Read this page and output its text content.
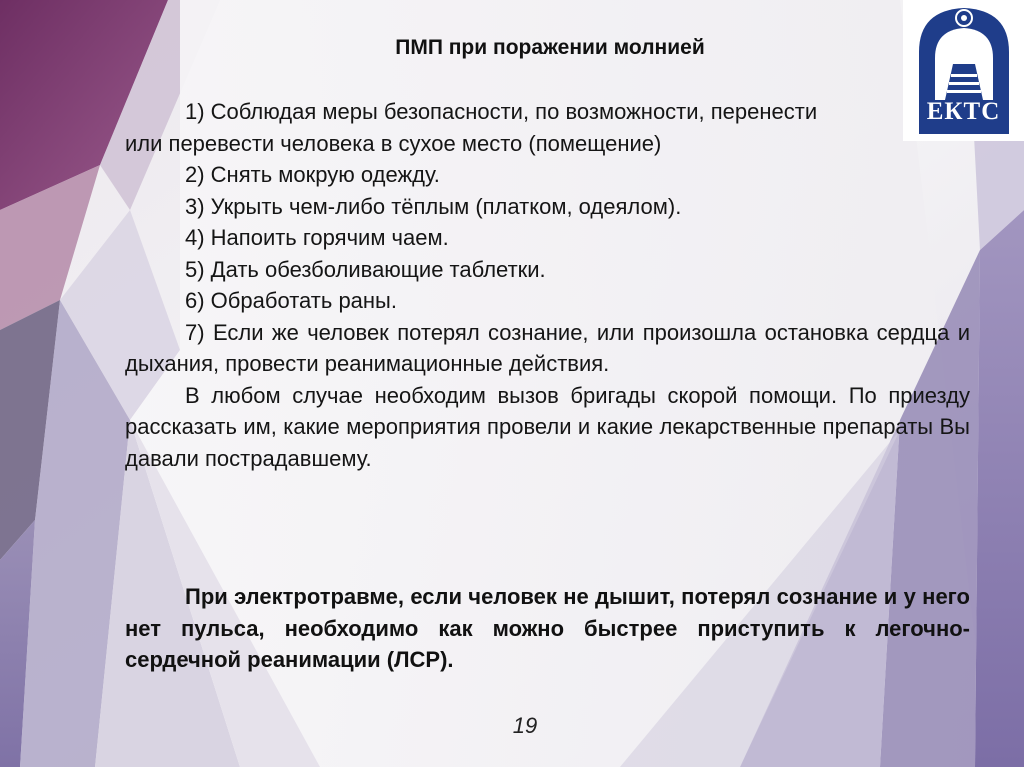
ЕКТС
ПМП при поражении молнией
1) Соблюдая меры безопасности, по возможности, перенести
или перевести человека в сухое место (помещение)

2) Снять мокрую одежду.

3) Укрыть чем-либо тёплым (платком, одеялом).

4) Напоить горячим чаем.

5) Дать обезболивающие таблетки.

6) Обработать раны.

7) Если же человек потерял сознание, или произошла остановка сердца и дыхания, провести реанимационные действия.

В любом случае необходим вызов бригады скорой помощи. По приезду рассказать им, какие мероприятия провели и какие лекарственные препараты Вы давали пострадавшему.

При электротравме, если человек не дышит, потерял сознание и у него нет пульса, необходимо как можно быстрее приступить к легочно-сердечной реанимации (ЛСР).

19
